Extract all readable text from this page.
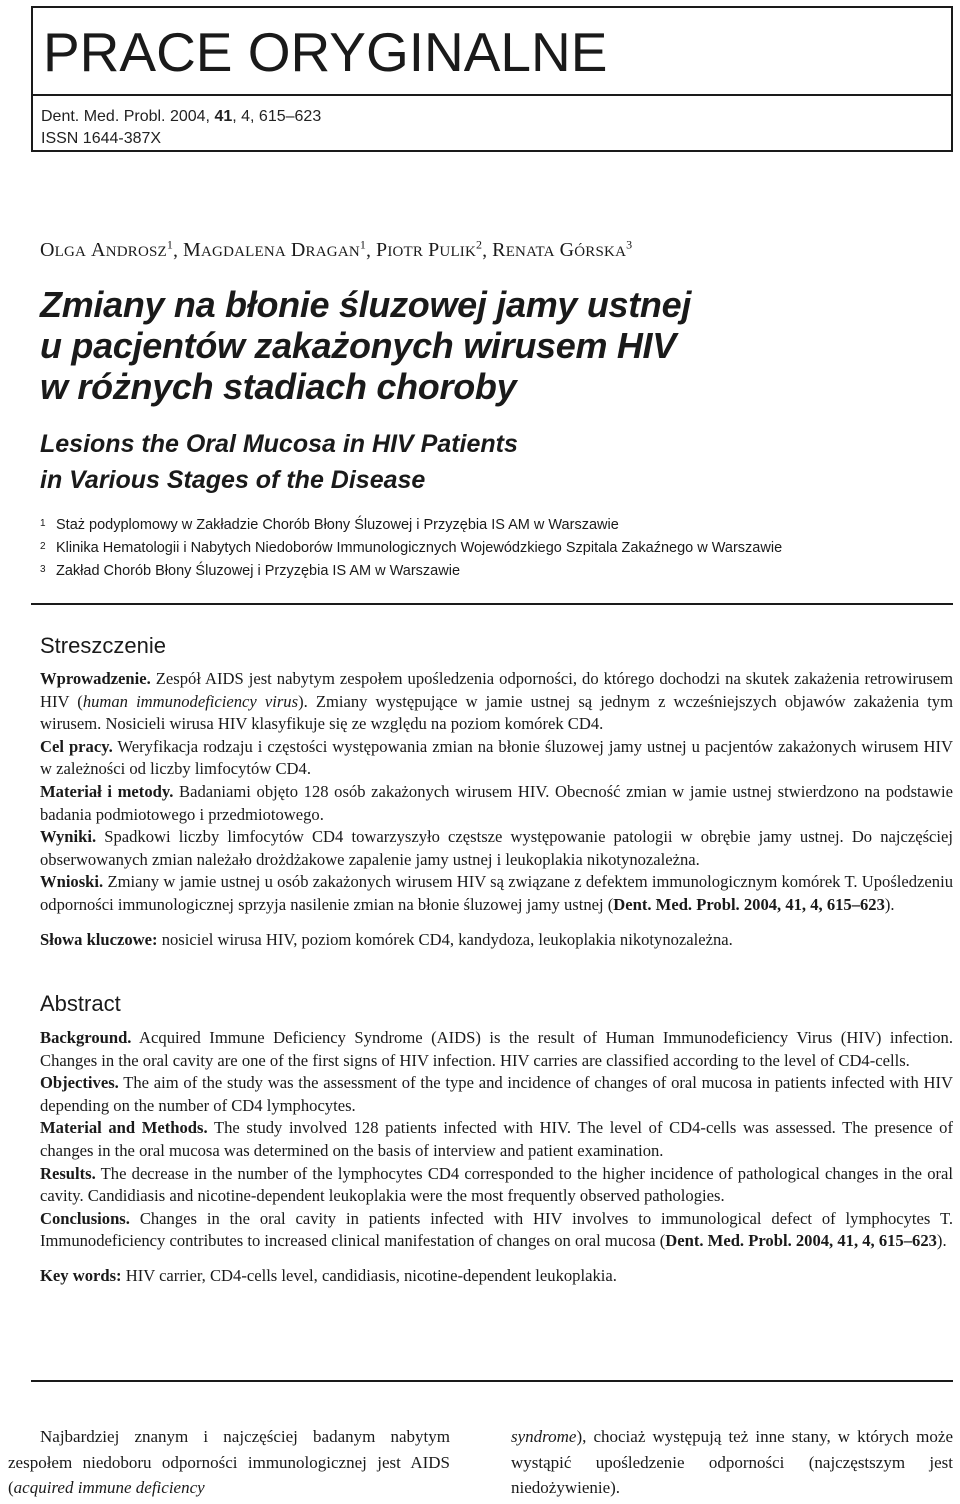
PRACE ORYGINALNE
Dent. Med. Probl. 2004, 41, 4, 615–623
ISSN 1644-387X
OLGA ANDROSZ$^1$, MAGDALENA DRAGAN$^1$, PIOTR PULIK$^2$, RENATA GÓRSKA$^3$
Zmiany na błonie śluzowej jamy ustnej
u pacjentów zakażonych wirusem HIV
w różnych stadiach choroby
Lesions the Oral Mucosa in HIV Patients
in Various Stages of the Disease
$^1$ Staż podyplomowy w Zakładzie Chorób Błony Śluzowej i Przyzębia IS AM w Warszawie
$^2$ Klinika Hematologii i Nabytych Niedoborów Immunologicznych Wojewódzkiego Szpitala Zakaźnego w Warszawie
$^3$ Zakład Chorób Błony Śluzowej i Przyzębia IS AM w Warszawie
Streszczenie

Wprowadzenie. Zespół AIDS jest nabytym zespołem upośledzenia odporności, do którego dochodzi na skutek zakażenia retrowirusem HIV (human immunodeficiency virus). Zmiany występujące w jamie ustnej są jednym z wcześniejszych objawów zakażenia tym wirusem. Nosicieli wirusa HIV klasyfikuje się ze względu na poziom komórek CD4.

Cel pracy. Weryfikacja rodzaju i częstości występowania zmian na błonie śluzowej jamy ustnej u pacjentów zakażonych wirusem HIV w zależności od liczby limfocytów CD4.

Materiał i metody. Badaniami objęto 128 osób zakażonych wirusem HIV. Obecność zmian w jamie ustnej stwierdzono na podstawie badania podmiotowego i przedmiotowego.

Wyniki. Spadkowi liczby limfocytów CD4 towarzyszyło częstsze występowanie patologii w obrębie jamy ustnej. Do najczęściej obserwowanych zmian należało drożdżakowe zapalenie jamy ustnej i leukoplakia nikotynozależna.

Wnioski. Zmiany w jamie ustnej u osób zakażonych wirusem HIV są związane z defektem immunologicznym komórek T. Upośledzeniu odporności immunologicznej sprzyja nasilenie zmian na błonie śluzowej jamy ustnej (Dent. Med. Probl. 2004, 41, 4, 615–623).

Słowa kluczowe: nosiciel wirusa HIV, poziom komórek CD4, kandydoza, leukoplakia nikotynozależna.

Abstract

Background. Acquired Immune Deficiency Syndrome (AIDS) is the result of Human Immunodeficiency Virus (HIV) infection. Changes in the oral cavity are one of the first signs of HIV infection. HIV carries are classified according to the level of CD4-cells.

Objectives. The aim of the study was the assessment of the type and incidence of changes of oral mucosa in patients infected with HIV depending on the number of CD4 lymphocytes.

Material and Methods. The study involved 128 patients infected with HIV. The level of CD4-cells was assessed. The presence of changes in the oral mucosa was determined on the basis of interview and patient examination.

Results. The decrease in the number of the lymphocytes CD4 corresponded to the higher incidence of pathological changes in the oral cavity. Candidiasis and nicotine-dependent leukoplakia were the most frequently observed pathologies.

Conclusions. Changes in the oral cavity in patients infected with HIV involves to immunological defect of lymphocytes T. Immunodeficiency contributes to increased clinical manifestation of changes on oral mucosa (Dent. Med. Probl. 2004, 41, 4, 615–623).

Key words: HIV carrier, CD4-cells level, candidiasis, nicotine-dependent leukoplakia.

Najbardziej znanym i najczęściej badanym nabytym zespołem niedoboru odporności immunologicznej jest AIDS (acquired immune deficiency
syndrome), chociaż występują też inne stany, w których może wystąpić upośledzenie odporności (najczęstszym jest niedożywienie).
